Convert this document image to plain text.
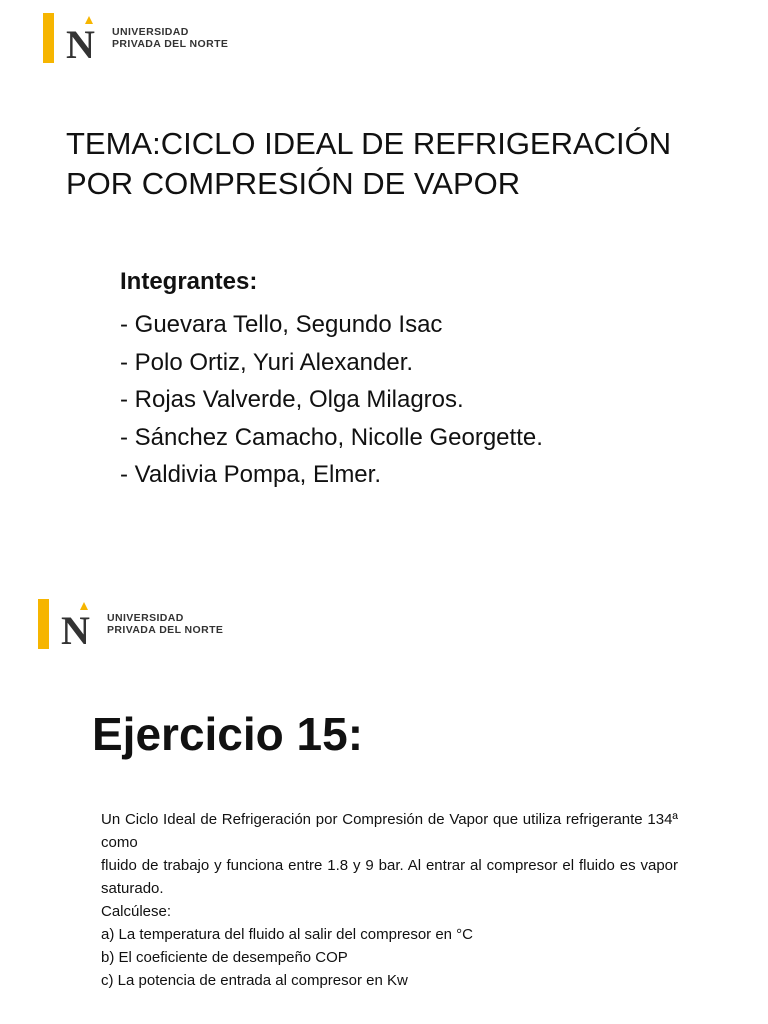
N UNIVERSIDAD
PRIVADA DEL NORTE
TEMA:CICLO IDEAL DE REFRIGERACIÓN
POR COMPRESIÓN DE VAPOR
Integrantes:
- Guevara Tello, Segundo Isac
- Polo Ortiz, Yuri Alexander.
- Rojas Valverde, Olga Milagros.
- Sánchez Camacho, Nicolle Georgette.
- Valdivia Pompa, Elmer.
N UNIVERSIDAD
PRIVADA DEL NORTE
Ejercicio 15:

Un Ciclo Ideal de Refrigeración por Compresión de Vapor que utiliza refrigerante 134ª como

fluido de trabajo y funciona entre 1.8 y 9 bar. Al entrar al compresor el fluido es vapor saturado.

Calcúlese:

a) La temperatura del fluido al salir del compresor en °C

b) El coeficiente de desempeño COP

c) La potencia de entrada al compresor en Kw
